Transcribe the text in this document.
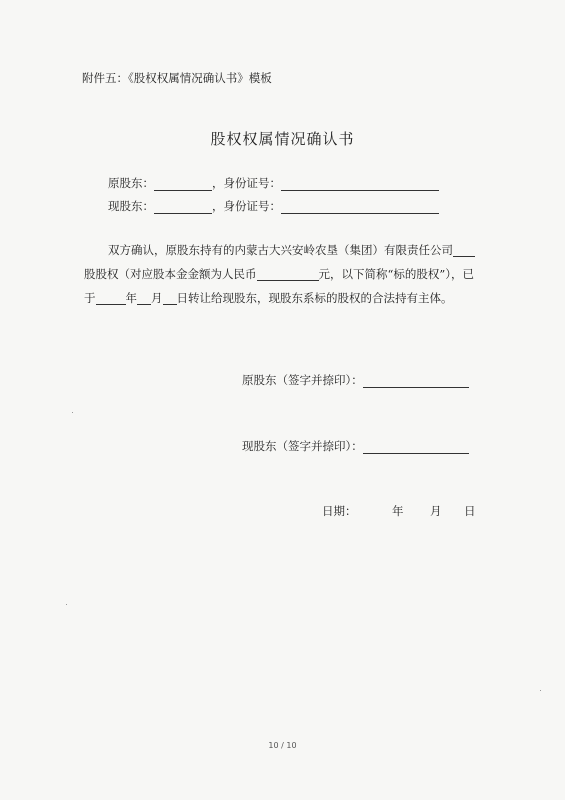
附件五：《股权权属情况确认书》模板
股权权属情况确认书
原股东：	，身份证号：
现股东：	，身份证号：
双方确认，原股东持有的内蒙古大兴安岭农垦（集团）有限责任公司
股股权（对应股本金金额为人民币	元，以下简称“标的股权”），已
于	年 月 日转让给现股东，现股东系标的股权的合法持有主体。
原股东（签字并捺印）：
现股东（签字并捺印）：
日期：	年 月 日
10 / 10
